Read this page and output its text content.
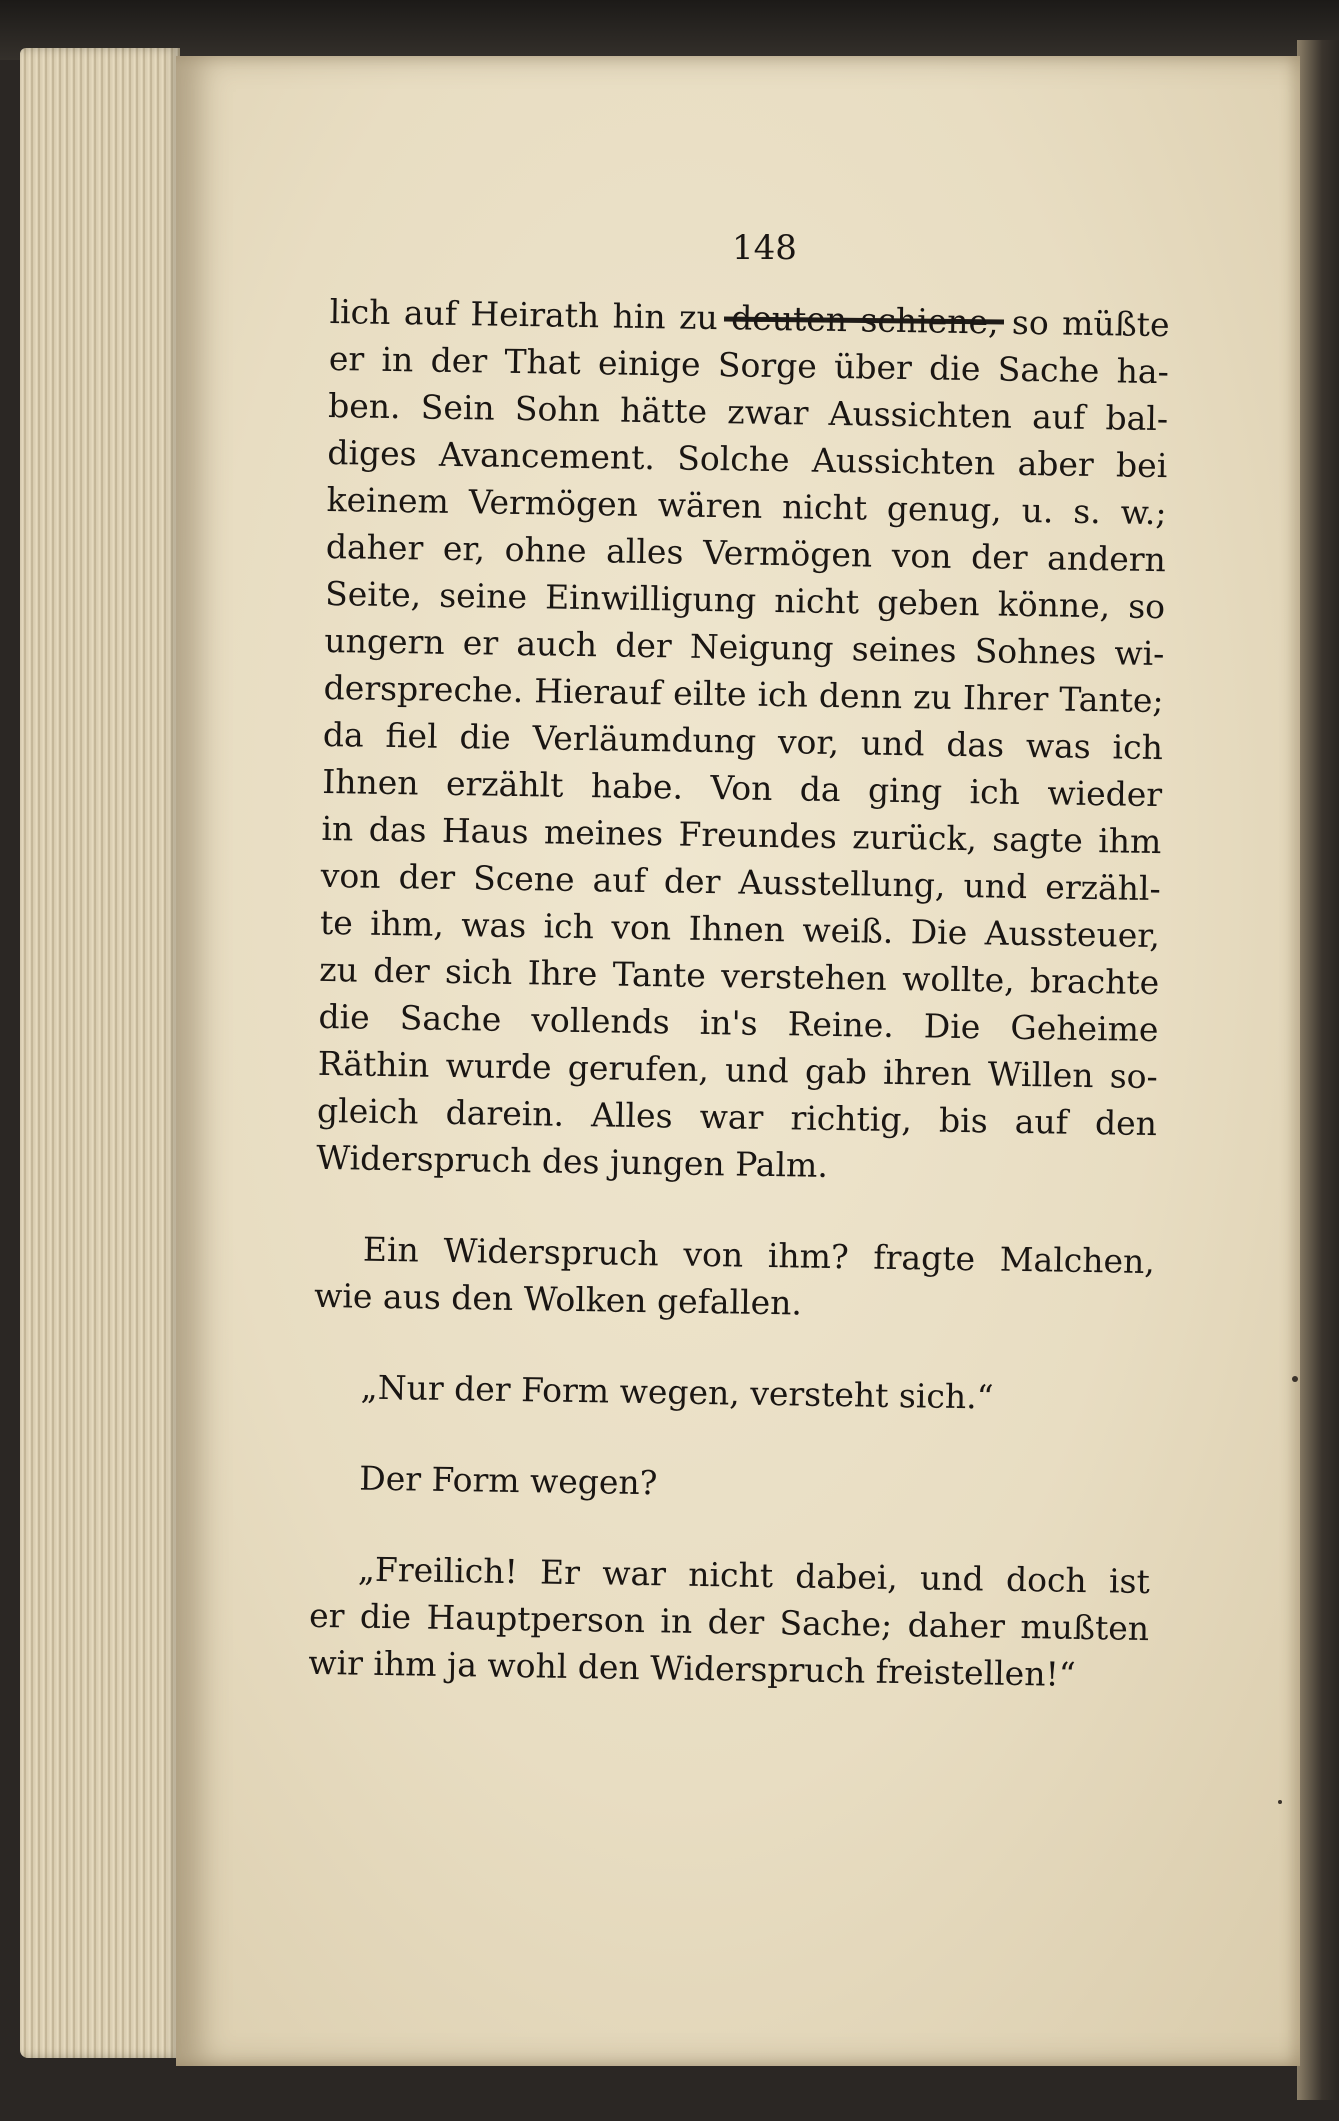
148

lich auf Heirath hin zu deuten schiene, so müßte
er in der That einige Sorge über die Sache ha-
ben. Sein Sohn hätte zwar Aussichten auf bal-
diges Avancement. Solche Aussichten aber bei
keinem Vermögen wären nicht genug, u. s. w.;
daher er, ohne alles Vermögen von der andern
Seite, seine Einwilligung nicht geben könne, so
ungern er auch der Neigung seines Sohnes wi-
derspreche. Hierauf eilte ich denn zu Ihrer Tante;
da fiel die Verläumdung vor, und das was ich
Ihnen erzählt habe. Von da ging ich wieder
in das Haus meines Freundes zurück, sagte ihm
von der Scene auf der Ausstellung, und erzähl-
te ihm, was ich von Ihnen weiß. Die Aussteuer,
zu der sich Ihre Tante verstehen wollte, brachte
die Sache vollends in's Reine. Die Geheime
Räthin wurde gerufen, und gab ihren Willen so-
gleich darein. Alles war richtig, bis auf den
Widerspruch des jungen Palm.
Ein Widerspruch von ihm? fragte Malchen,
wie aus den Wolken gefallen.
„Nur der Form wegen, versteht sich.“
Der Form wegen?
„Freilich! Er war nicht dabei, und doch ist
er die Hauptperson in der Sache; daher mußten
wir ihm ja wohl den Widerspruch freistellen!“
